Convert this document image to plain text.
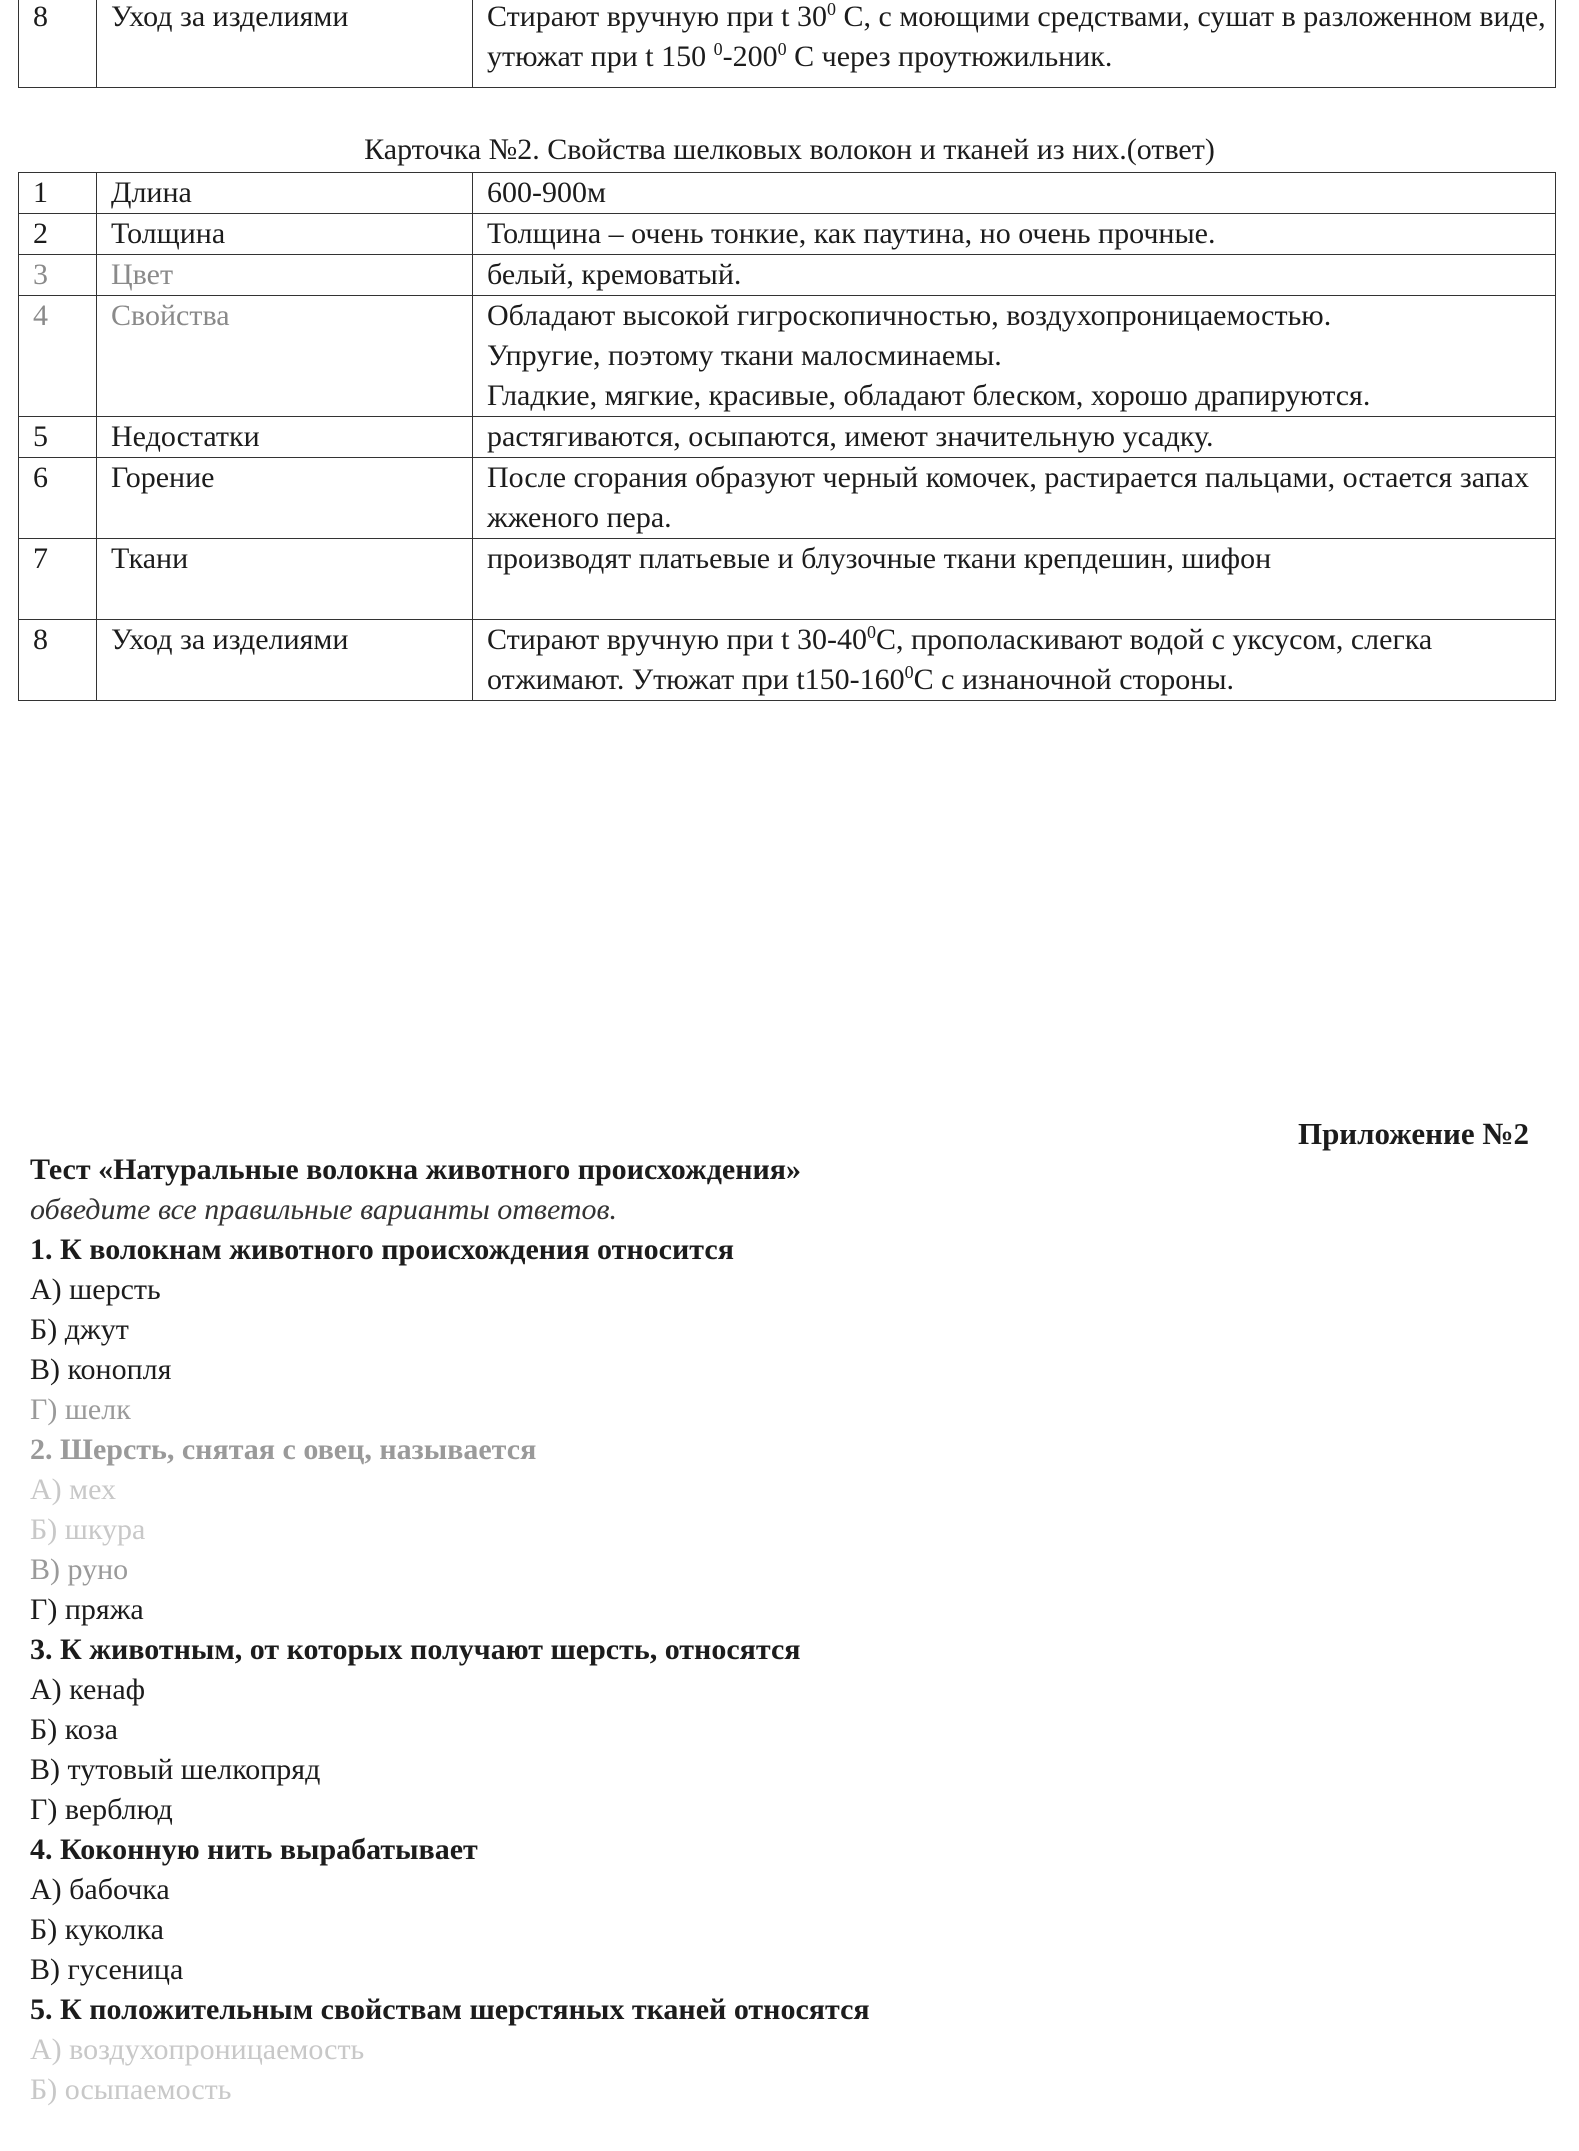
8	Уход за изделиями	Стирают вручную при t $30^0$ С, с моющими средствами, сушат в разложенном виде, утюжат при t 150 $^0-200^0$ С через проутюжильник.
Карточка №2. Свойства шелковых волокон и тканей из них.(ответ)
1	Длина	600-900м
2	Толщина	Толщина – очень тонкие, как паутина, но очень прочные.
3	Цвет	белый, кремоватый.
4	Свойства	Обладают высокой гигроскопичностью, воздухопроницаемостью.
Упругие, поэтому ткани малосминаемы.
Гладкие, мягкие, красивые, обладают блеском, хорошо драпируются.
5	Недостатки	растягиваются, осыпаются, имеют значительную усадку.
6	Горение	После сгорания образуют черный комочек, растирается пальцами, остается запах жженого пера.
7	Ткани	производят платьевые и блузочные ткани крепдешин, шифон
8	Уход за изделиями	Стирают вручную при t $30-40^0С$, прополаскивают водой с уксусом, слегка отжимают. Утюжат при $t150-160^0С$ с изнаночной стороны.
Приложение №2
Тест «Натуральные волокна животного происхождения»
обведите все правильные варианты ответов.
1. К волокнам животного происхождения относится
А) шерсть
Б) джут
В) конопля
Г) шелк
2. Шерсть, снятая с овец, называется
А) мех
Б) шкура
В) руно
Г) пряжа
3. К животным, от которых получают шерсть, относятся
А) кенаф
Б) коза
В) тутовый шелкопряд
Г) верблюд
4. Коконную нить вырабатывает
А) бабочка
Б) куколка
В) гусеница
5. К положительным свойствам шерстяных тканей относятся
А) воздухопроницаемость
Б) осыпаемость
